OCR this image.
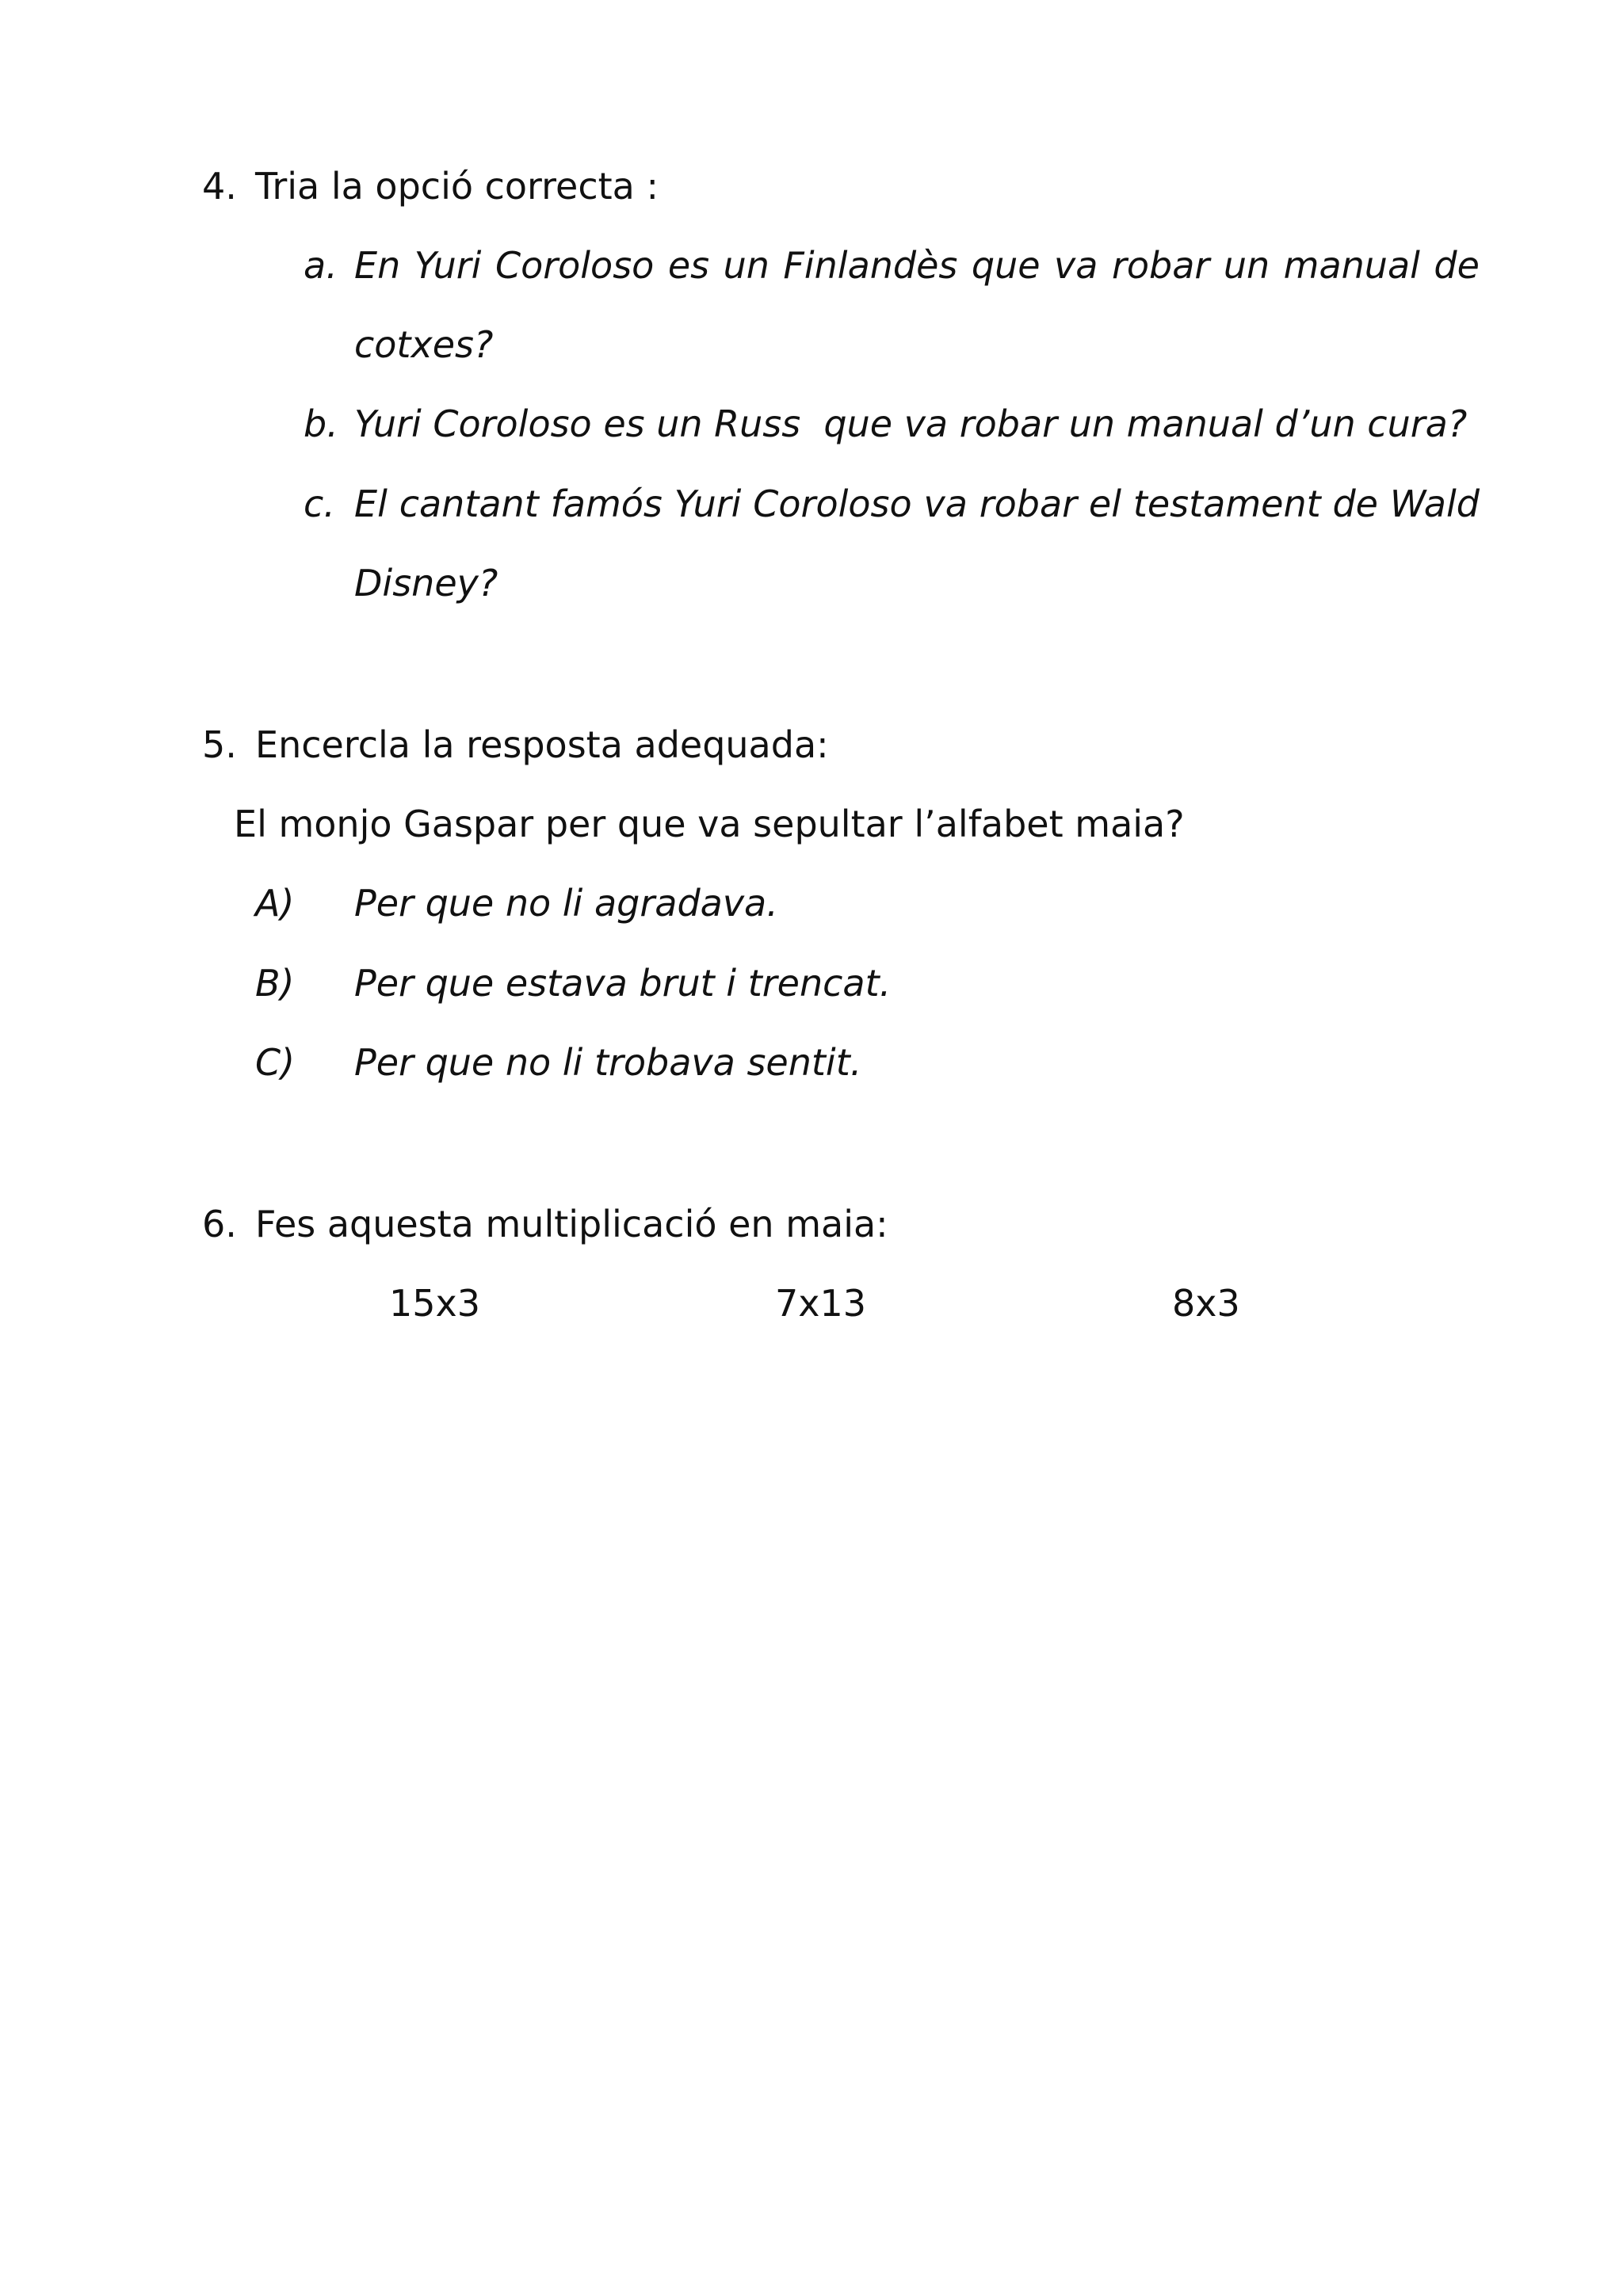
4. Tria la opció correcta :
a. En Yuri Coroloso es un Finlandès que va robar un manual de
cotxes?
b. Yuri Coroloso es un Russ  que va robar un manual d’un cura?
c. El cantant famós Yuri Coroloso va robar el testament de Wald
Disney?
5. Encercla la resposta adequada:
El monjo Gaspar per que va sepultar l’alfabet maia?
A) Per que no li agradava.
B) Per que estava brut i trencat.
C) Per que no li trobava sentit.
6. Fes aquesta multiplicació en maia:
15x3	7x13	8x3
